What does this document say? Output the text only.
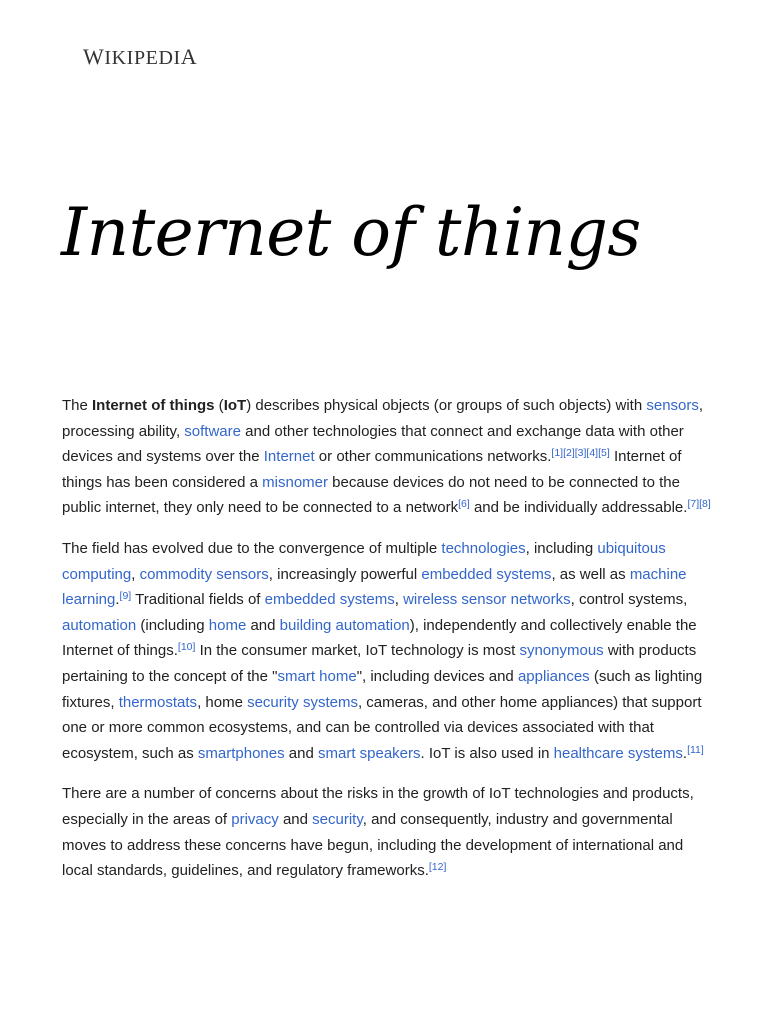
WIKIPEDIA
Internet of things

The Internet of things (IoT) describes physical objects (or groups of such objects) with sensors, processing ability, software and other technologies that connect and exchange data with other devices and systems over the Internet or other communications networks.[1][2][3][4][5] Internet of things has been considered a misnomer because devices do not need to be connected to the public internet, they only need to be connected to a network[6] and be individually addressable.[7][8]

The field has evolved due to the convergence of multiple technologies, including ubiquitous computing, commodity sensors, increasingly powerful embedded systems, as well as machine learning.[9] Traditional fields of embedded systems, wireless sensor networks, control systems, automation (including home and building automation), independently and collectively enable the Internet of things.[10] In the consumer market, IoT technology is most synonymous with products pertaining to the concept of the "smart home", including devices and appliances (such as lighting fixtures, thermostats, home security systems, cameras, and other home appliances) that support one or more common ecosystems, and can be controlled via devices associated with that ecosystem, such as smartphones and smart speakers. IoT is also used in healthcare systems.[11]

There are a number of concerns about the risks in the growth of IoT technologies and products, especially in the areas of privacy and security, and consequently, industry and governmental moves to address these concerns have begun, including the development of international and local standards, guidelines, and regulatory frameworks.[12]
